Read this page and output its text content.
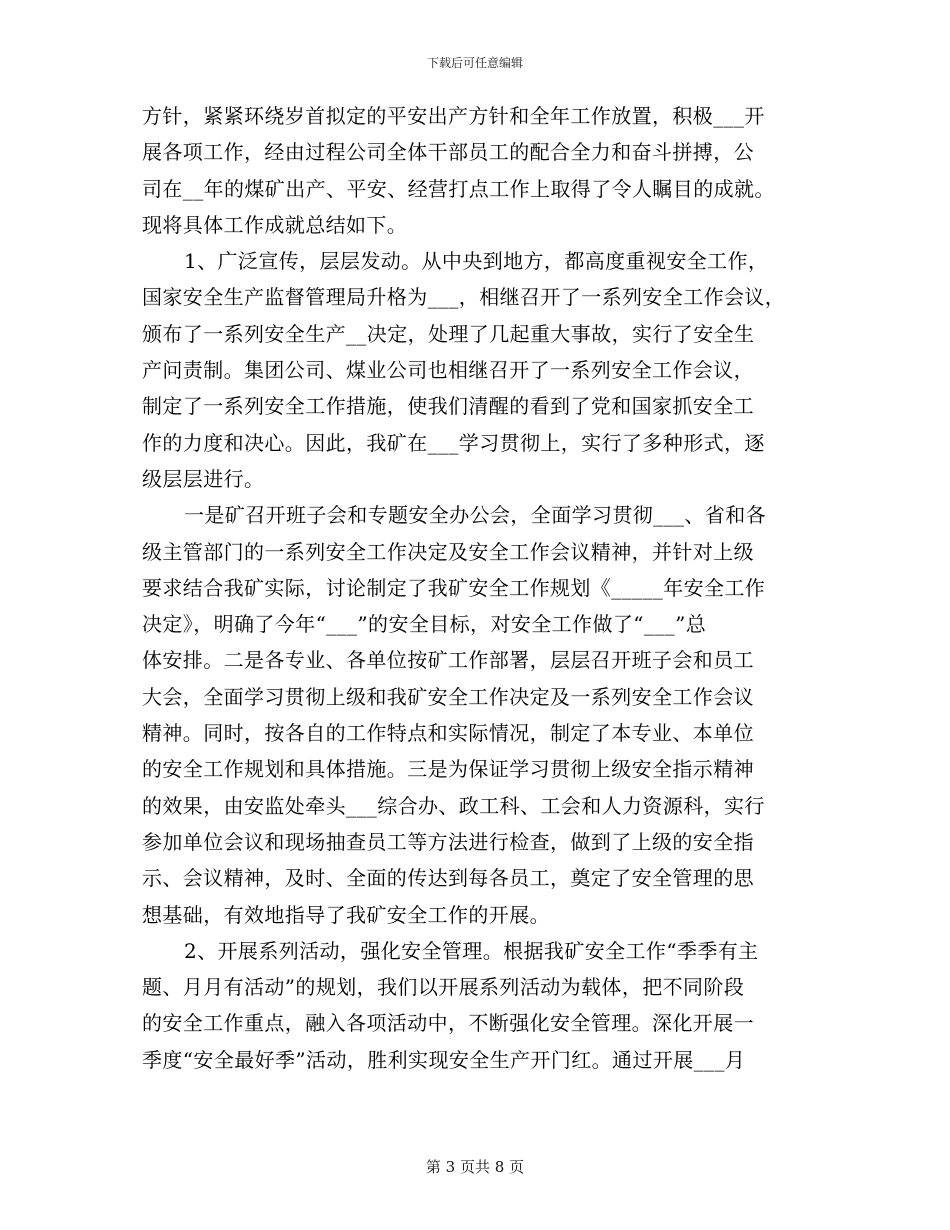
下载后可任意编辑
方针，紧紧环绕岁首拟定的平安出产方针和全年工作放置，积极___开
展各项工作，经由过程公司全体干部员工的配合全力和奋斗拼搏，公
司在__年的煤矿出产、平安、经营打点工作上取得了令人瞩目的成就。
现将具体工作成就总结如下。
1、广泛宣传，层层发动。从中央到地方，都高度重视安全工作，
国家安全生产监督管理局升格为___，相继召开了一系列安全工作会议，
颁布了一系列安全生产__决定，处理了几起重大事故，实行了安全生
产问责制。集团公司、煤业公司也相继召开了一系列安全工作会议，
制定了一系列安全工作措施，使我们清醒的看到了党和国家抓安全工
作的力度和决心。因此，我矿在___学习贯彻上，实行了多种形式，逐
级层层进行。
一是矿召开班子会和专题安全办公会，全面学习贯彻___、省和各
级主管部门的一系列安全工作决定及安全工作会议精神，并针对上级
要求结合我矿实际，讨论制定了我矿安全工作规划《_____年安全工作
决定》，明确了今年“___”的安全目标，对安全工作做了“___”总
体安排。二是各专业、各单位按矿工作部署，层层召开班子会和员工
大会，全面学习贯彻上级和我矿安全工作决定及一系列安全工作会议
精神。同时，按各自的工作特点和实际情况，制定了本专业、本单位
的安全工作规划和具体措施。三是为保证学习贯彻上级安全指示精神
的效果，由安监处牵头___综合办、政工科、工会和人力资源科，实行
参加单位会议和现场抽查员工等方法进行检查，做到了上级的安全指
示、会议精神，及时、全面的传达到每各员工，奠定了安全管理的思
想基础，有效地指导了我矿安全工作的开展。
2、开展系列活动，强化安全管理。根据我矿安全工作“季季有主
题、月月有活动”的规划，我们以开展系列活动为载体，把不同阶段
的安全工作重点，融入各项活动中，不断强化安全管理。深化开展一
季度“安全最好季”活动，胜利实现安全生产开门红。通过开展___月
第 3 页共 8 页
